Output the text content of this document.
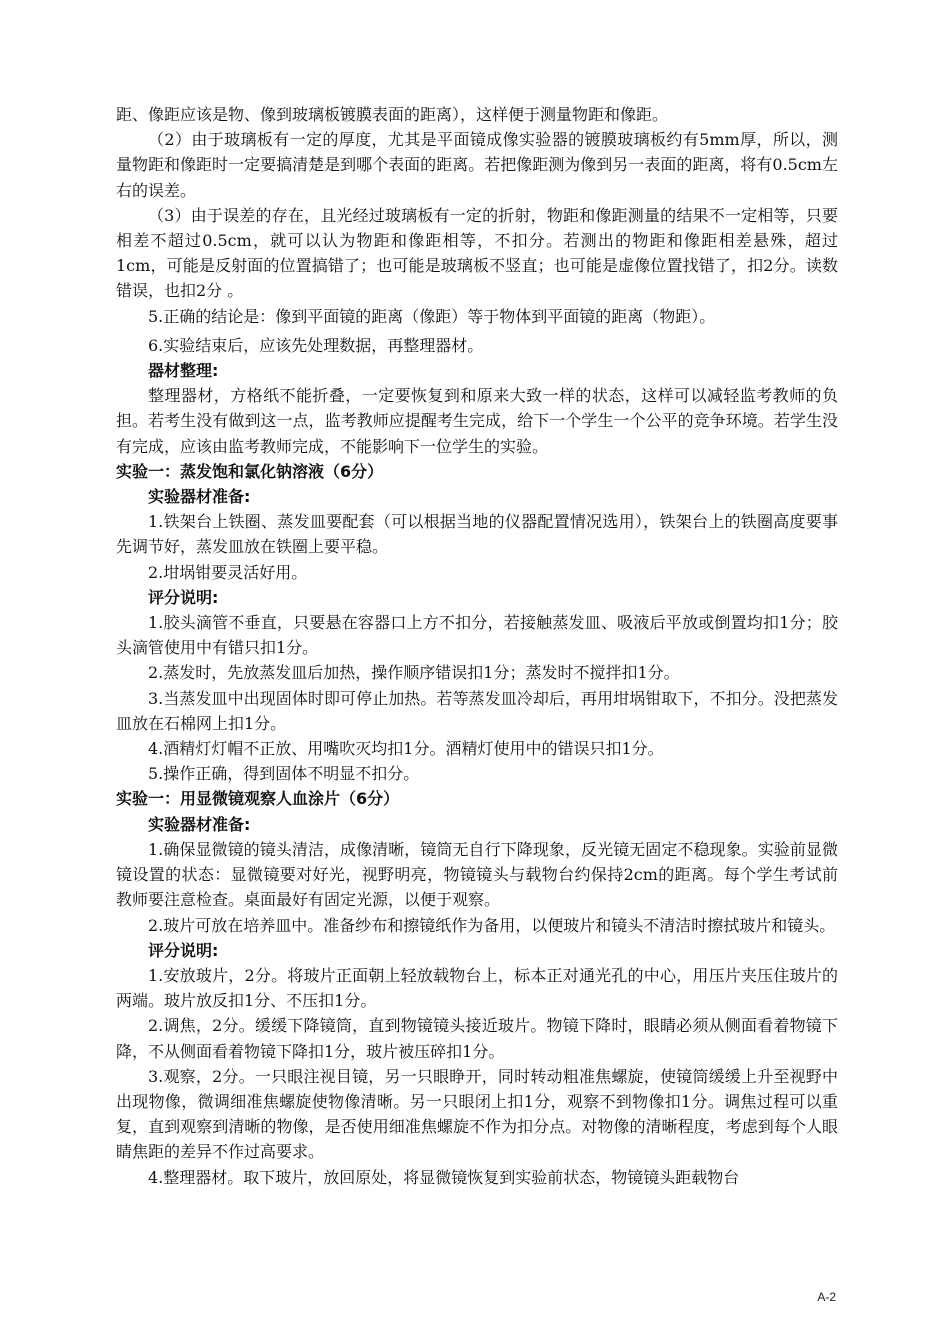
距、像距应该是物、像到玻璃板镀膜表面的距离），这样便于测量物距和像距。

（2）由于玻璃板有一定的厚度，尤其是平面镜成像实验器的镀膜玻璃板约有5mm厚，所以，测量物距和像距时一定要搞清楚是到哪个表面的距离。若把像距测为像到另一表面的距离，将有0.5cm左右的误差。

（3）由于误差的存在，且光经过玻璃板有一定的折射，物距和像距测量的结果不一定相等，只要相差不超过0.5cm，就可以认为物距和像距相等，不扣分。若测出的物距和像距相差悬殊，超过1cm，可能是反射面的位置搞错了；也可能是玻璃板不竖直；也可能是虚像位置找错了，扣2分。读数错误，也扣2分 。

5.正确的结论是：像到平面镜的距离（像距）等于物体到平面镜的距离（物距）。

6.实验结束后，应该先处理数据，再整理器材。

器材整理:

整理器材，方格纸不能折叠，一定要恢复到和原来大致一样的状态，这样可以减轻监考教师的负担。若考生没有做到这一点，监考教师应提醒考生完成，给下一个学生一个公平的竞争环境。若学生没有完成，应该由监考教师完成，不能影响下一位学生的实验。

实验一：蒸发饱和氯化钠溶液（6分）

实验器材准备:

1.铁架台上铁圈、蒸发皿要配套（可以根据当地的仪器配置情况选用），铁架台上的铁圈高度要事先调节好，蒸发皿放在铁圈上要平稳。

2.坩埚钳要灵活好用。

评分说明:

1.胶头滴管不垂直，只要悬在容器口上方不扣分，若接触蒸发皿、吸液后平放或倒置均扣1分；胶头滴管使用中有错只扣1分。

2.蒸发时，先放蒸发皿后加热，操作顺序错误扣1分；蒸发时不搅拌扣1分。

3.当蒸发皿中出现固体时即可停止加热。若等蒸发皿冷却后，再用坩埚钳取下，不扣分。没把蒸发皿放在石棉网上扣1分。

4.酒精灯灯帽不正放、用嘴吹灭均扣1分。酒精灯使用中的错误只扣1分。

5.操作正确，得到固体不明显不扣分。

实验一：用显微镜观察人血涂片（6分）

实验器材准备:

1.确保显微镜的镜头清洁，成像清晰，镜筒无自行下降现象，反光镜无固定不稳现象。实验前显微镜设置的状态：显微镜要对好光，视野明亮，物镜镜头与载物台约保持2cm的距离。每个学生考试前教师要注意检查。桌面最好有固定光源，以便于观察。

2.玻片可放在培养皿中。准备纱布和擦镜纸作为备用，以便玻片和镜头不清洁时擦拭玻片和镜头。

评分说明:

1.安放玻片，2分。将玻片正面朝上轻放载物台上，标本正对通光孔的中心，用压片夹压住玻片的两端。玻片放反扣1分、不压扣1分。

2.调焦，2分。缓缓下降镜筒，直到物镜镜头接近玻片。物镜下降时，眼睛必须从侧面看着物镜下降，不从侧面看着物镜下降扣1分，玻片被压碎扣1分。

3.观察，2分。一只眼注视目镜，另一只眼睁开，同时转动粗准焦螺旋，使镜筒缓缓上升至视野中出现物像，微调细准焦螺旋使物像清晰。另一只眼闭上扣1分，观察不到物像扣1分。调焦过程可以重复，直到观察到清晰的物像，是否使用细准焦螺旋不作为扣分点。对物像的清晰程度，考虑到每个人眼睛焦距的差异不作过高要求。

4.整理器材。取下玻片，放回原处，将显微镜恢复到实验前状态，物镜镜头距载物台

A-2
